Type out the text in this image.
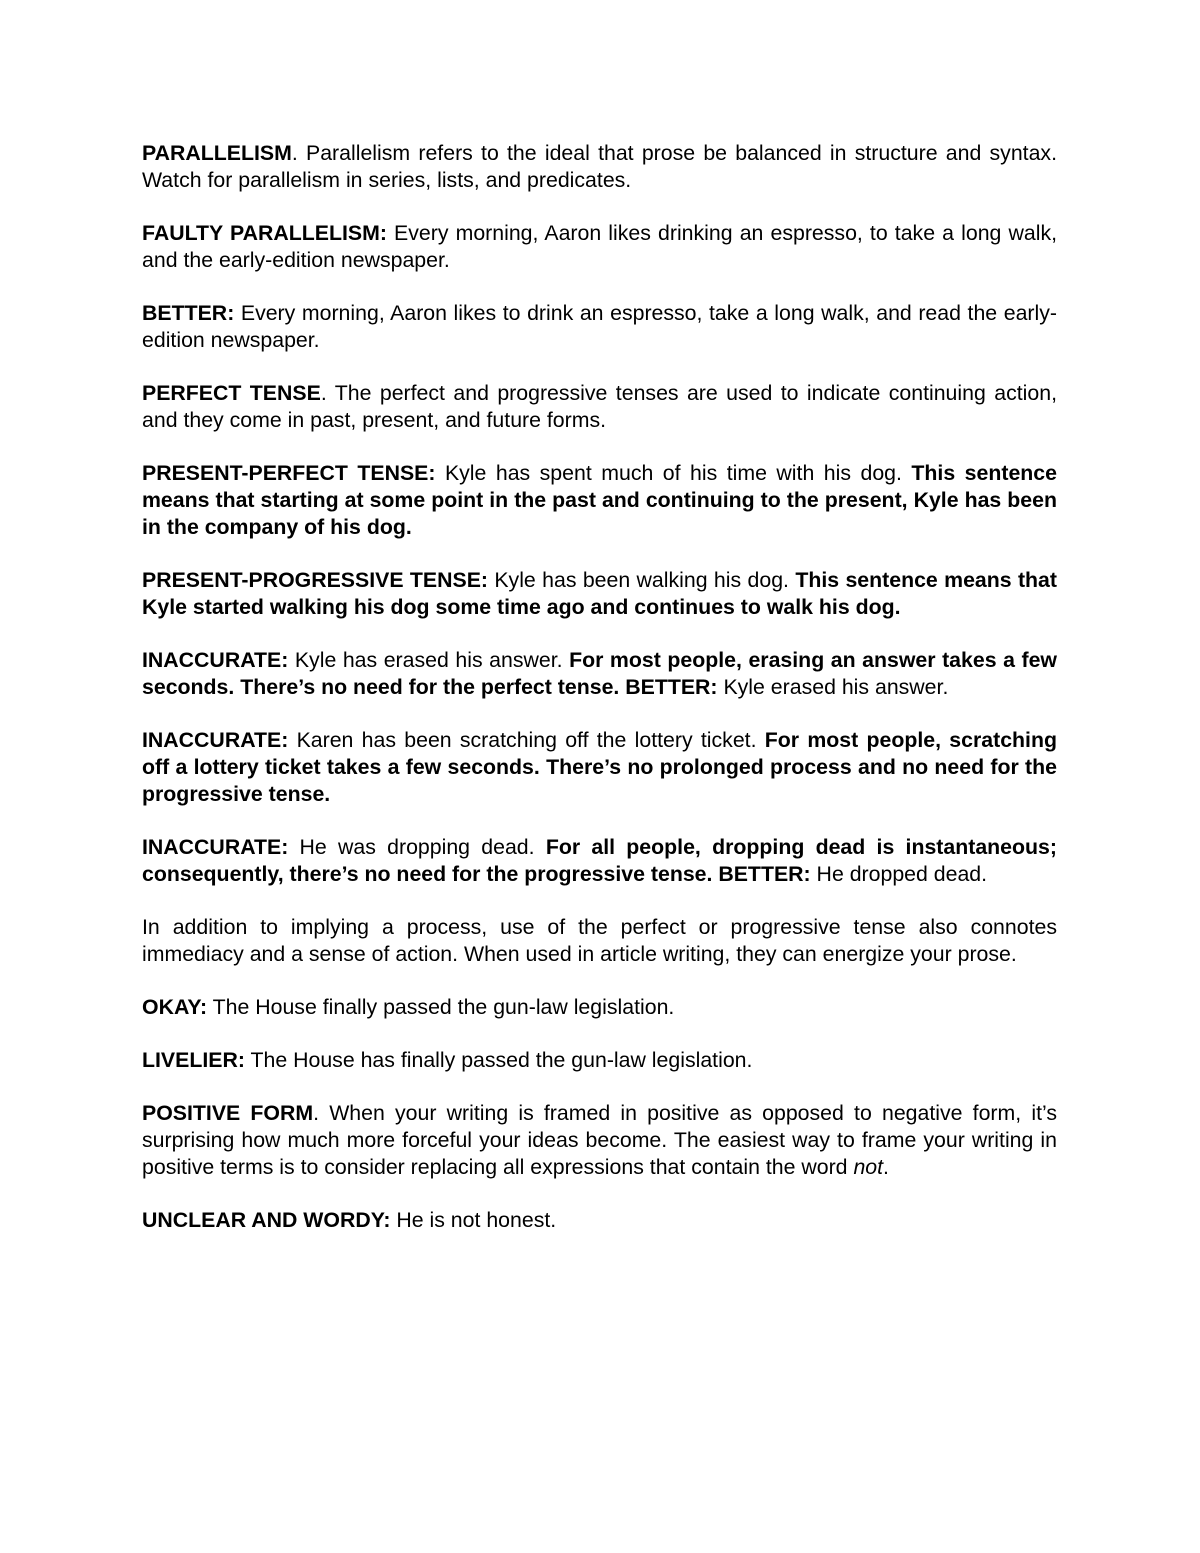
PARALLELISM. Parallelism refers to the ideal that prose be balanced in structure and syntax. Watch for parallelism in series, lists, and predicates.

FAULTY PARALLELISM: Every morning, Aaron likes drinking an espresso, to take a long walk, and the early-edition newspaper.

BETTER: Every morning, Aaron likes to drink an espresso, take a long walk, and read the early-edition newspaper.

PERFECT TENSE. The perfect and progressive tenses are used to indicate continuing action, and they come in past, present, and future forms.

PRESENT-PERFECT TENSE: Kyle has spent much of his time with his dog. This sentence means that starting at some point in the past and continuing to the present, Kyle has been in the company of his dog.

PRESENT-PROGRESSIVE TENSE: Kyle has been walking his dog. This sentence means that Kyle started walking his dog some time ago and continues to walk his dog.

INACCURATE: Kyle has erased his answer. For most people, erasing an answer takes a few seconds. There’s no need for the perfect tense. BETTER: Kyle erased his answer.

INACCURATE: Karen has been scratching off the lottery ticket. For most people, scratching off a lottery ticket takes a few seconds. There’s no prolonged process and no need for the progressive tense.

INACCURATE: He was dropping dead. For all people, dropping dead is instantaneous; consequently, there’s no need for the progressive tense. BETTER: He dropped dead.

In addition to implying a process, use of the perfect or progressive tense also connotes immediacy and a sense of action. When used in article writing, they can energize your prose.

OKAY: The House finally passed the gun-law legislation.

LIVELIER: The House has finally passed the gun-law legislation.

POSITIVE FORM. When your writing is framed in positive as opposed to negative form, it’s surprising how much more forceful your ideas become. The easiest way to frame your writing in positive terms is to consider replacing all expressions that contain the word not.

UNCLEAR AND WORDY: He is not honest.
